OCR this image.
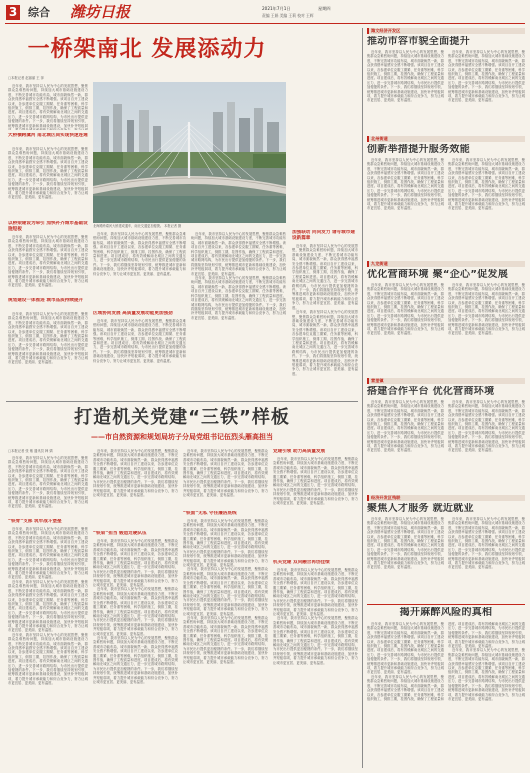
3 综合	潍坊日报	2021年7月1日	星期四
责编 王娟 美编 王莉 校对 王辉
一桥架南北 发展添动力
□本报记者 赵丽丽 王 萍

近年来，我市坚持以人民为中心的发展思想，聚焦群众急难愁盼问题，持续加大城市基础设施建设力度，不断完善城市功能布局，城市面貌焕然一新，群众获得感幸福感安全感不断增强。该项目自开工建设以来，各参建单位克服工期紧、任务重等困难，科学组织施工，倒排工期，挂图作战，确保了工程质量和进度。项目建成后，将有效缓解南北城区之间的交通压力，进一步完善城市路网结构，为市民出行提供更加便捷的条件。下一步，我们将继续坚持规划引领，统筹推进城市更新和基础设施建设，加快补齐短板弱

大桥横跨虞河 南北城区间实现快速连通

近年来，我市坚持以人民为中心的发展思想，聚焦群众急难愁盼问题，持续加大城市基础设施建设力度，不断完善城市功能布局，城市面貌焕然一新，群众获得感幸福感安全感不断增强。该项目自开工建设以来，各参建单位克服工期紧、任务重等困难，科学组织施工，倒排工期，挂图作战，确保了工程质量和进度。项目建成后，将有效缓解南北城区之间的交通压力，进一步完善城市路网结构，为市民出行提供更加便捷的条件。下一步，我们将继续坚持规划引领，统筹推进城市更新和基础设施建设，加快补齐短板弱项，着力提升城市承载能力和综合竞争力，努力让城市更宜居、更美丽、更有温度。

以桥梁建设为牵引 加快补齐城市基础设施短板

近年来，我市坚持以人民为中心的发展思想，聚焦群众急难愁盼问题，持续加大城市基础设施建设力度，不断完善城市功能布局，城市面貌焕然一新，群众获得感幸福感安全感不断增强。该项目自开工建设以来，各参建单位克服工期紧、任务重等困难，科学组织施工，倒排工期，挂图作战，确保了工程质量和进度。项目建成后，将有效缓解南北城区之间的交通压力，进一步完善城市路网结构，为市民出行提供更加便捷的条件。下一步，我们将继续坚持规划引领，统筹推进城市更新和基础设施建设，加快补齐短板弱项，着力提升城市承载能力和综合竞争力，努力让城市更宜居、更美丽、更有温度。

规划建设一体推进 城市品质持续提升

近年来，我市坚持以人民为中心的发展思想，聚焦群众急难愁盼问题，持续加大城市基础设施建设力度，不断完善城市功能布局，城市面貌焕然一新，群众获得感幸福感安全感不断增强。该项目自开工建设以来，各参建单位克服工期紧、任务重等困难，科学组织施工，倒排工期，挂图作战，确保了工程质量和进度。项目建成后，将有效缓解南北城区之间的交通压力，进一步完善城市路网结构，为市民出行提供更加便捷的条件。下一步，我们将继续坚持规划引领，统筹推进城市更新和基础设施建设，加快补齐短板弱项，着力提升城市承载能力和综合竞争力，努力让城市更宜居、更美丽、更有温度。

北海路跨虞河大桥建成通车，南北交通更加便捷。 本报记者 摄

近年来，我市坚持以人民为中心的发展思想，聚焦群众急难愁盼问题，持续加大城市基础设施建设力度，不断完善城市功能布局，城市面貌焕然一新，群众获得感幸福感安全感不断增强。该项目自开工建设以来，各参建单位克服工期紧、任务重等困难，科学组织施工，倒排工期，挂图作战，确保了工程质量和进度。项目建成后，将有效缓解南北城区之间的交通压力，进一步完善城市路网结构，为市民出行提供更加便捷的条件。下一步，我们将继续坚持规划引领，统筹推进城市更新和基础设施建设，加快补齐短板弱项，着力提升城市承载能力和综合竞争力，努力让城市更宜居、更美丽、更有温度。

区域协同发展 高质量发展动能更加强劲

近年来，我市坚持以人民为中心的发展思想，聚焦群众急难愁盼问题，持续加大城市基础设施建设力度，不断完善城市功能布局，城市面貌焕然一新，群众获得感幸福感安全感不断增强。该项目自开工建设以来，各参建单位克服工期紧、任务重等困难，科学组织施工，倒排工期，挂图作战，确保了工程质量和进度。项目建成后，将有效缓解南北城区之间的交通压力，进一步完善城市路网结构，为市民出行提供更加便捷的条件。下一步，我们将继续坚持规划引领，统筹推进城市更新和基础设施建设，加快补齐短板弱项，着力提升城市承载能力和综合竞争力，努力让城市更宜居、更美丽、更有温度。

近年来，我市坚持以人民为中心的发展思想，聚焦群众急难愁盼问题，持续加大城市基础设施建设力度，不断完善城市功能布局，城市面貌焕然一新，群众获得感幸福感安全感不断增强。该项目自开工建设以来，各参建单位克服工期紧、任务重等困难，科学组织施工，倒排工期，挂图作战，确保了工程质量和进度。项目建成后，将有效缓解南北城区之间的交通压力，进一步完善城市路网结构，为市民出行提供更加便捷的条件。下一步，我们将继续坚持规划引领，统筹推进城市更新和基础设施建设，加快补齐短板弱项，着力提升城市承载能力和综合竞争力，努力让城市更宜居、更美丽、更有温度。

近年来，我市坚持以人民为中心的发展思想，聚焦群众急难愁盼问题，持续加大城市基础设施建设力度，不断完善城市功能布局，城市面貌焕然一新，群众获得感幸福感安全感不断增强。该项目自开工建设以来，各参建单位克服工期紧、任务重等困难，科学组织施工，倒排工期，挂图作战，确保了工程质量和进度。项目建成后，将有效缓解南北城区之间的交通压力，进一步完善城市路网结构，为市民出行提供更加便捷的条件。下一步，我们将继续坚持规划引领，统筹推进城市更新和基础设施建设，加快补齐短板弱项，着力提升城市承载能力和综合竞争力，努力让城市更宜居、更美丽、更有温度。

加强联动 同向发力 谱写城市建设新篇章

近年来，我市坚持以人民为中心的发展思想，聚焦群众急难愁盼问题，持续加大城市基础设施建设力度，不断完善城市功能布局，城市面貌焕然一新，群众获得感幸福感安全感不断增强。该项目自开工建设以来，各参建单位克服工期紧、任务重等困难，科学组织施工，倒排工期，挂图作战，确保了工程质量和进度。项目建成后，将有效缓解南北城区之间的交通压力，进一步完善城市路网结构，为市民出行提供更加便捷的条件。下一步，我们将继续坚持规划引领，统筹推进城市更新和基础设施建设，加快补齐短板弱项，着力提升城市承载能力和综合竞争力，努力让城市更宜居、更美丽、更有温度。

近年来，我市坚持以人民为中心的发展思想，聚焦群众急难愁盼问题，持续加大城市基础设施建设力度，不断完善城市功能布局，城市面貌焕然一新，群众获得感幸福感安全感不断增强。该项目自开工建设以来，各参建单位克服工期紧、任务重等困难，科学组织施工，倒排工期，挂图作战，确保了工程质量和进度。项目建成后，将有效缓解南北城区之间的交通压力，进一步完善城市路网结构，为市民出行提供更加便捷的条件。下一步，我们将继续坚持规划引领，统筹推进城市更新和基础设施建设，加快补齐短板弱项，着力提升城市承载能力和综合竞争力，努力让城市更宜居、更美丽、更有温度。

打造机关党建“三铁”样板
——市自然资源和规划局坊子分局党组书记伍烈头雁高担当
□本报记者 张 敏 通讯员 韩 婧

近年来，我市坚持以人民为中心的发展思想，聚焦群众急难愁盼问题，持续加大城市基础设施建设力度，不断完善城市功能布局，城市面貌焕然一新，群众获得感幸福感安全感不断增强。该项目自开工建设以来，各参建单位克服工期紧、任务重等困难，科学组织施工，倒排工期，挂图作战，确保了工程质量和进度。项目建成后，将有效缓解南北城区之间的交通压力，进一步完善城市路网结构，为市民出行提供更加便捷的条件。下一步，我们将继续坚持规划引领，统筹推进城市更新和基础设施建设，加快补齐短板弱项，着力提升城市承载能力和综合竞争力，努力让城市更宜居、更美丽、更有温度。

“铁骨”支部 筑牢战斗堡垒

近年来，我市坚持以人民为中心的发展思想，聚焦群众急难愁盼问题，持续加大城市基础设施建设力度，不断完善城市功能布局，城市面貌焕然一新，群众获得感幸福感安全感不断增强。该项目自开工建设以来，各参建单位克服工期紧、任务重等困难，科学组织施工，倒排工期，挂图作战，确保了工程质量和进度。项目建成后，将有效缓解南北城区之间的交通压力，进一步完善城市路网结构，为市民出行提供更加便捷的条件。下一步，我们将继续坚持规划引领，统筹推进城市更新和基础设施建设，加快补齐短板弱项，着力提升城市承载能力和综合竞争力，努力让城市更宜居、更美丽、更有温度。

近年来，我市坚持以人民为中心的发展思想，聚焦群众急难愁盼问题，持续加大城市基础设施建设力度，不断完善城市功能布局，城市面貌焕然一新，群众获得感幸福感安全感不断增强。该项目自开工建设以来，各参建单位克服工期紧、任务重等困难，科学组织施工，倒排工期，挂图作战，确保了工程质量和进度。项目建成后，将有效缓解南北城区之间的交通压力，进一步完善城市路网结构，为市民出行提供更加便捷的条件。下一步，我们将继续坚持规划引领，统筹推进城市更新和基础设施建设，加快补齐短板弱项，着力提升城市承载能力和综合竞争力，努力让城市更宜居、更美丽、更有温度。

近年来，我市坚持以人民为中心的发展思想，聚焦群众急难愁盼问题，持续加大城市基础设施建设力度，不断完善城市功能布局，城市面貌焕然一新，群众获得感幸福感安全感不断增强。该项目自开工建设以来，各参建单位克服工期紧、任务重等困难，科学组织施工，倒排工期，挂图作战，确保了工程质量和进度。项目建成后，将有效缓解南北城区之间的交通压力，进一步完善城市路网结构，为市民出行提供更加便捷的条件。下一步，我们将继续坚持规划引领，统筹推进城市更新和基础设施建设，加快补齐短板弱项，着力提升城市承载能力和综合竞争力，努力让城市更宜居、更美丽、更有温度。

近年来，我市坚持以人民为中心的发展思想，聚焦群众急难愁盼问题，持续加大城市基础设施建设力度，不断完善城市功能布局，城市面貌焕然一新，群众获得感幸福感安全感不断增强。该项目自开工建设以来，各参建单位克服工期紧、任务重等困难，科学组织施工，倒排工期，挂图作战，确保了工程质量和进度。项目建成后，将有效缓解南北城区之间的交通压力，进一步完善城市路网结构，为市民出行提供更加便捷的条件。下一步，我们将继续坚持规划引领，统筹推进城市更新和基础设施建设，加快补齐短板弱项，着力提升城市承载能力和综合竞争力，努力让城市更宜居、更美丽、更有温度。

“铁肩”担当 锻造过硬队伍

近年来，我市坚持以人民为中心的发展思想，聚焦群众急难愁盼问题，持续加大城市基础设施建设力度，不断完善城市功能布局，城市面貌焕然一新，群众获得感幸福感安全感不断增强。该项目自开工建设以来，各参建单位克服工期紧、任务重等困难，科学组织施工，倒排工期，挂图作战，确保了工程质量和进度。项目建成后，将有效缓解南北城区之间的交通压力，进一步完善城市路网结构，为市民出行提供更加便捷的条件。下一步，我们将继续坚持规划引领，统筹推进城市更新和基础设施建设，加快补齐短板弱项，着力提升城市承载能力和综合竞争力，努力让城市更宜居、更美丽、更有温度。

近年来，我市坚持以人民为中心的发展思想，聚焦群众急难愁盼问题，持续加大城市基础设施建设力度，不断完善城市功能布局，城市面貌焕然一新，群众获得感幸福感安全感不断增强。该项目自开工建设以来，各参建单位克服工期紧、任务重等困难，科学组织施工，倒排工期，挂图作战，确保了工程质量和进度。项目建成后，将有效缓解南北城区之间的交通压力，进一步完善城市路网结构，为市民出行提供更加便捷的条件。下一步，我们将继续坚持规划引领，统筹推进城市更新和基础设施建设，加快补齐短板弱项，着力提升城市承载能力和综合竞争力，努力让城市更宜居、更美丽、更有温度。

近年来，我市坚持以人民为中心的发展思想，聚焦群众急难愁盼问题，持续加大城市基础设施建设力度，不断完善城市功能布局，城市面貌焕然一新，群众获得感幸福感安全感不断增强。该项目自开工建设以来，各参建单位克服工期紧、任务重等困难，科学组织施工，倒排工期，挂图作战，确保了工程质量和进度。项目建成后，将有效缓解南北城区之间的交通压力，进一步完善城市路网结构，为市民出行提供更加便捷的条件。下一步，我们将继续坚持规划引领，统筹推进城市更新和基础设施建设，加快补齐短板弱项，着力提升城市承载能力和综合竞争力，努力让城市更宜居、更美丽、更有温度。

近年来，我市坚持以人民为中心的发展思想，聚焦群众急难愁盼问题，持续加大城市基础设施建设力度，不断完善城市功能布局，城市面貌焕然一新，群众获得感幸福感安全感不断增强。该项目自开工建设以来，各参建单位克服工期紧、任务重等困难，科学组织施工，倒排工期，挂图作战，确保了工程质量和进度。项目建成后，将有效缓解南北城区之间的交通压力，进一步完善城市路网结构，为市民出行提供更加便捷的条件。下一步，我们将继续坚持规划引领，统筹推进城市更新和基础设施建设，加快补齐短板弱项，着力提升城市承载能力和综合竞争力，努力让城市更宜居、更美丽、更有温度。

“铁面”无私 守住廉洁底线

近年来，我市坚持以人民为中心的发展思想，聚焦群众急难愁盼问题，持续加大城市基础设施建设力度，不断完善城市功能布局，城市面貌焕然一新，群众获得感幸福感安全感不断增强。该项目自开工建设以来，各参建单位克服工期紧、任务重等困难，科学组织施工，倒排工期，挂图作战，确保了工程质量和进度。项目建成后，将有效缓解南北城区之间的交通压力，进一步完善城市路网结构，为市民出行提供更加便捷的条件。下一步，我们将继续坚持规划引领，统筹推进城市更新和基础设施建设，加快补齐短板弱项，着力提升城市承载能力和综合竞争力，努力让城市更宜居、更美丽、更有温度。

近年来，我市坚持以人民为中心的发展思想，聚焦群众急难愁盼问题，持续加大城市基础设施建设力度，不断完善城市功能布局，城市面貌焕然一新，群众获得感幸福感安全感不断增强。该项目自开工建设以来，各参建单位克服工期紧、任务重等困难，科学组织施工，倒排工期，挂图作战，确保了工程质量和进度。项目建成后，将有效缓解南北城区之间的交通压力，进一步完善城市路网结构，为市民出行提供更加便捷的条件。下一步，我们将继续坚持规划引领，统筹推进城市更新和基础设施建设，加快补齐短板弱项，着力提升城市承载能力和综合竞争力，努力让城市更宜居、更美丽、更有温度。

近年来，我市坚持以人民为中心的发展思想，聚焦群众急难愁盼问题，持续加大城市基础设施建设力度，不断完善城市功能布局，城市面貌焕然一新，群众获得感幸福感安全感不断增强。该项目自开工建设以来，各参建单位克服工期紧、任务重等困难，科学组织施工，倒排工期，挂图作战，确保了工程质量和进度。项目建成后，将有效缓解南北城区之间的交通压力，进一步完善城市路网结构，为市民出行提供更加便捷的条件。下一步，我们将继续坚持规划引领，统筹推进城市更新和基础设施建设，加快补齐短板弱项，着力提升城市承载能力和综合竞争力，努力让城市更宜居、更美丽、更有温度。

党建引领 助力高质量发展

近年来，我市坚持以人民为中心的发展思想，聚焦群众急难愁盼问题，持续加大城市基础设施建设力度，不断完善城市功能布局，城市面貌焕然一新，群众获得感幸福感安全感不断增强。该项目自开工建设以来，各参建单位克服工期紧、任务重等困难，科学组织施工，倒排工期，挂图作战，确保了工程质量和进度。项目建成后，将有效缓解南北城区之间的交通压力，进一步完善城市路网结构，为市民出行提供更加便捷的条件。下一步，我们将继续坚持规划引领，统筹推进城市更新和基础设施建设，加快补齐短板弱项，着力提升城市承载能力和综合竞争力，努力让城市更宜居、更美丽、更有温度。

机关党建 双向融合再创佳绩

近年来，我市坚持以人民为中心的发展思想，聚焦群众急难愁盼问题，持续加大城市基础设施建设力度，不断完善城市功能布局，城市面貌焕然一新，群众获得感幸福感安全感不断增强。该项目自开工建设以来，各参建单位克服工期紧、任务重等困难，科学组织施工，倒排工期，挂图作战，确保了工程质量和进度。项目建成后，将有效缓解南北城区之间的交通压力，进一步完善城市路网结构，为市民出行提供更加便捷的条件。下一步，我们将继续坚持规划引领，统筹推进城市更新和基础设施建设，加快补齐短板弱项，着力提升城市承载能力和综合竞争力，努力让城市更宜居、更美丽、更有温度。

近年来，我市坚持以人民为中心的发展思想，聚焦群众急难愁盼问题，持续加大城市基础设施建设力度，不断完善城市功能布局，城市面貌焕然一新，群众获得感幸福感安全感不断增强。该项目自开工建设以来，各参建单位克服工期紧、任务重等困难，科学组织施工，倒排工期，挂图作战，确保了工程质量和进度。项目建成后，将有效缓解南北城区之间的交通压力，进一步完善城市路网结构，为市民出行提供更加便捷的条件。下一步，我们将继续坚持规划引领，统筹推进城市更新和基础设施建设，加快补齐短板弱项，着力提升城市承载能力和综合竞争力，努力让城市更宜居、更美丽、更有温度。

潍文经济开发区
推动市容市貌全面提升

近年来，我市坚持以人民为中心的发展思想，聚焦群众急难愁盼问题，持续加大城市基础设施建设力度，不断完善城市功能布局，城市面貌焕然一新，群众获得感幸福感安全感不断增强。该项目自开工建设以来，各参建单位克服工期紧、任务重等困难，科学组织施工，倒排工期，挂图作战，确保了工程质量和进度。项目建成后，将有效缓解南北城区之间的交通压力，进一步完善城市路网结构，为市民出行提供更加便捷的条件。下一步，我们将继续坚持规划引领，统筹推进城市更新和基础设施建设，加快补齐短板弱项，着力提升城市承载能力和综合竞争力，努力让城市更宜居、更美丽、更有温度。

近年来，我市坚持以人民为中心的发展思想，聚焦群众急难愁盼问题，持续加大城市基础设施建设力度，不断完善城市功能布局，城市面貌焕然一新，群众获得感幸福感安全感不断增强。该项目自开工建设以来，各参建单位克服工期紧、任务重等困难，科学组织施工，倒排工期，挂图作战，确保了工程质量和进度。项目建成后，将有效缓解南北城区之间的交通压力，进一步完善城市路网结构，为市民出行提供更加便捷的条件。下一步，我们将继续坚持规划引领，统筹推进城市更新和基础设施建设，加快补齐短板弱项，着力提升城市承载能力和综合竞争力，努力让城市更宜居、更美丽、更有温度。

北州街道
创新举措提升服务效能

近年来，我市坚持以人民为中心的发展思想，聚焦群众急难愁盼问题，持续加大城市基础设施建设力度，不断完善城市功能布局，城市面貌焕然一新，群众获得感幸福感安全感不断增强。该项目自开工建设以来，各参建单位克服工期紧、任务重等困难，科学组织施工，倒排工期，挂图作战，确保了工程质量和进度。项目建成后，将有效缓解南北城区之间的交通压力，进一步完善城市路网结构，为市民出行提供更加便捷的条件。下一步，我们将继续坚持规划引领，统筹推进城市更新和基础设施建设，加快补齐短板弱项，着力提升城市承载能力和综合竞争力，努力让城市更宜居、更美丽、更有温度。

近年来，我市坚持以人民为中心的发展思想，聚焦群众急难愁盼问题，持续加大城市基础设施建设力度，不断完善城市功能布局，城市面貌焕然一新，群众获得感幸福感安全感不断增强。该项目自开工建设以来，各参建单位克服工期紧、任务重等困难，科学组织施工，倒排工期，挂图作战，确保了工程质量和进度。项目建成后，将有效缓解南北城区之间的交通压力，进一步完善城市路网结构，为市民出行提供更加便捷的条件。下一步，我们将继续坚持规划引领，统筹推进城市更新和基础设施建设，加快补齐短板弱项，着力提升城市承载能力和综合竞争力，努力让城市更宜居、更美丽、更有温度。

九龙街道
优化营商环境 聚“企心”促发展

近年来，我市坚持以人民为中心的发展思想，聚焦群众急难愁盼问题，持续加大城市基础设施建设力度，不断完善城市功能布局，城市面貌焕然一新，群众获得感幸福感安全感不断增强。该项目自开工建设以来，各参建单位克服工期紧、任务重等困难，科学组织施工，倒排工期，挂图作战，确保了工程质量和进度。项目建成后，将有效缓解南北城区之间的交通压力，进一步完善城市路网结构，为市民出行提供更加便捷的条件。下一步，我们将继续坚持规划引领，统筹推进城市更新和基础设施建设，加快补齐短板弱项，着力提升城市承载能力和综合竞争力，努力让城市更宜居、更美丽、更有温度。

近年来，我市坚持以人民为中心的发展思想，聚焦群众急难愁盼问题，持续加大城市基础设施建设力度，不断完善城市功能布局，城市面貌焕然一新，群众获得感幸福感安全感不断增强。该项目自开工建设以来，各参建单位克服工期紧、任务重等困难，科学组织施工，倒排工期，挂图作战，确保了工程质量和进度。项目建成后，将有效缓解南北城区之间的交通压力，进一步完善城市路网结构，为市民出行提供更加便捷的条件。下一步，我们将继续坚持规划引领，统筹推进城市更新和基础设施建设，加快补齐短板弱项，着力提升城市承载能力和综合竞争力，努力让城市更宜居、更美丽、更有温度。

营里镇
搭建合作平台 优化营商环境

近年来，我市坚持以人民为中心的发展思想，聚焦群众急难愁盼问题，持续加大城市基础设施建设力度，不断完善城市功能布局，城市面貌焕然一新，群众获得感幸福感安全感不断增强。该项目自开工建设以来，各参建单位克服工期紧、任务重等困难，科学组织施工，倒排工期，挂图作战，确保了工程质量和进度。项目建成后，将有效缓解南北城区之间的交通压力，进一步完善城市路网结构，为市民出行提供更加便捷的条件。下一步，我们将继续坚持规划引领，统筹推进城市更新和基础设施建设，加快补齐短板弱项，着力提升城市承载能力和综合竞争力，努力让城市更宜居、更美丽、更有温度。

近年来，我市坚持以人民为中心的发展思想，聚焦群众急难愁盼问题，持续加大城市基础设施建设力度，不断完善城市功能布局，城市面貌焕然一新，群众获得感幸福感安全感不断增强。该项目自开工建设以来，各参建单位克服工期紧、任务重等困难，科学组织施工，倒排工期，挂图作战，确保了工程质量和进度。项目建成后，将有效缓解南北城区之间的交通压力，进一步完善城市路网结构，为市民出行提供更加便捷的条件。下一步，我们将继续坚持规划引领，统筹推进城市更新和基础设施建设，加快补齐短板弱项，着力提升城市承载能力和综合竞争力，努力让城市更宜居、更美丽、更有温度。

经济开发区残联
聚焦人才服务 就近就业

近年来，我市坚持以人民为中心的发展思想，聚焦群众急难愁盼问题，持续加大城市基础设施建设力度，不断完善城市功能布局，城市面貌焕然一新，群众获得感幸福感安全感不断增强。该项目自开工建设以来，各参建单位克服工期紧、任务重等困难，科学组织施工，倒排工期，挂图作战，确保了工程质量和进度。项目建成后，将有效缓解南北城区之间的交通压力，进一步完善城市路网结构，为市民出行提供更加便捷的条件。下一步，我们将继续坚持规划引领，统筹推进城市更新和基础设施建设，加快补齐短板弱项，着力提升城市承载能力和综合竞争力，努力让城市更宜居、更美丽、更有温度。

近年来，我市坚持以人民为中心的发展思想，聚焦群众急难愁盼问题，持续加大城市基础设施建设力度，不断完善城市功能布局，城市面貌焕然一新，群众获得感幸福感安全感不断增强。该项目自开工建设以来，各参建单位克服工期紧、任务重等困难，科学组织施工，倒排工期，挂图作战，确保了工程质量和进度。项目建成后，将有效缓解南北城区之间的交通压力，进一步完善城市路网结构，为市民出行提供更加便捷的条件。下一步，我们将继续坚持规划引领，统筹推进城市更新和基础设施建设，加快补齐短板弱项，着力提升城市承载能力和综合竞争力，努力让城市更宜居、更美丽、更有温度。

揭开麻醉风险的真相

近年来，我市坚持以人民为中心的发展思想，聚焦群众急难愁盼问题，持续加大城市基础设施建设力度，不断完善城市功能布局，城市面貌焕然一新，群众获得感幸福感安全感不断增强。该项目自开工建设以来，各参建单位克服工期紧、任务重等困难，科学组织施工，倒排工期，挂图作战，确保了工程质量和进度。项目建成后，将有效缓解南北城区之间的交通压力，进一步完善城市路网结构，为市民出行提供更加便捷的条件。下一步，我们将继续坚持规划引领，统筹推进城市更新和基础设施建设，加快补齐短板弱项，着力提升城市承载能力和综合竞争力，努力让城市更宜居、更美丽、更有温度。

近年来，我市坚持以人民为中心的发展思想，聚焦群众急难愁盼问题，持续加大城市基础设施建设力度，不断完善城市功能布局，城市面貌焕然一新，群众获得感幸福感安全感不断增强。该项目自开工建设以来，各参建单位克服工期紧、任务重等困难，科学组织施工，倒排工期，挂图作战，确保了工程质量和进度。项目建成后，将有效缓解南北城区之间的交通压力，进一步完善城市路网结构，为市民出行提供更加便捷的条件。下一步，我们将继续坚持规划引领，统筹推进城市更新和基础设施建设，加快补齐短板弱项，着力提升城市承载能力和综合竞争力，努力让城市更宜居、更美丽、更有温度。

近年来，我市坚持以人民为中心的发展思想，聚焦群众急难愁盼问题，持续加大城市基础设施建设力度，不断完善城市功能布局，城市面貌焕然一新，群众获得感幸福感安全感不断增强。该项目自开工建设以来，各参建单位克服工期紧、任务重等困难，科学组织施工，倒排工期，挂图作战，确保了工程质量和进度。项目建成后，将有效缓解南北城区之间的交通压力，进一步完善城市路网结构，为市民出行提供更加便捷的条件。下一步，我们将继续坚持规划引领，统筹推进城市更新和基础设施建设，加快补齐短板弱项，着力提升城市承载能力和综合竞争力，努力让城市更宜居、更美丽、更有温度。
